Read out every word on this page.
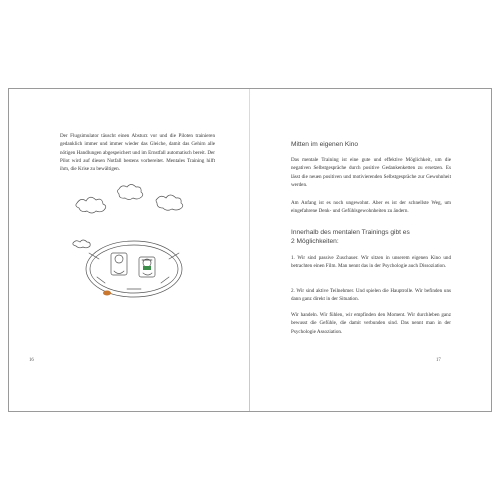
Der Flugsimulator täuscht einen Absturz vor und die Piloten trainieren gedanklich immer und immer wieder das Gleiche, damit das Gehirn alle nötigen Handlungen abgespeichert und im Ernstfall automatisch bereit. Der Pilot wird auf diesen Notfall bestens vorbereitet. Mentales Training hilft ihm, die Krise zu bewältigen.

16

Mitten im eigenen Kino

Das mentale Training ist eine gute und effektive Möglichkeit, um die negativen Selbstgespräche durch positive Gedankenketten zu ersetzen. Es lässt die neuen positiven und motivierenden Selbstgespräche zur Gewohnheit werden.

Am Anfang ist es noch ungewohnt. Aber es ist der schnellste Weg, um eingefahrene Denk- und Gefühlsgewohnheiten zu ändern.

Innerhalb des mentalen Trainings gibt es

2 Möglichkeiten:

1. Wir sind passive Zuschauer. Wir sitzen in unserem eigenen Kino und betrachten einen Film. Man nennt das in der Psychologie auch Dissoziation.

2. Wir sind aktive Teilnehmer. Und spielen die Hauptrolle. Wir befinden uns dann ganz direkt in der Situation.

Wir handeln. Wir fühlen, wir empfinden den Moment. Wir durchleben ganz bewusst die Gefühle, die damit verbunden sind. Das nennt man in der Psychologie Assoziation.

17
